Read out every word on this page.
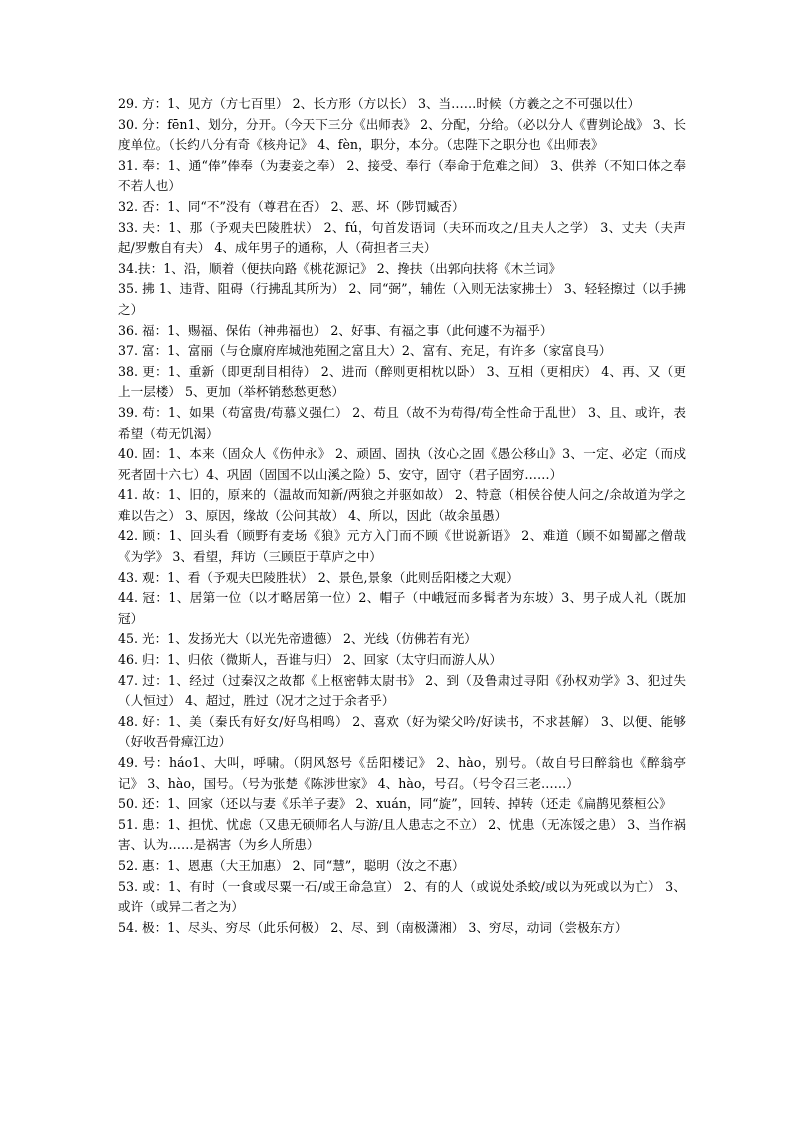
29. 方：1、见方（方七百里） 2、长方形（方以长） 3、当……时候（方羲之之不可强以仕）

30. 分：fēn1、划分，分开。（今天下三分《出师表》 2、分配，分给。（必以分人《曹刿论战》 3、长度单位。（长约八分有奇《核舟记》 4、fèn，职分，本分。（忠陛下之职分也《出师表》

31. 奉：1、通“俸”俸奉（为妻妾之奉） 2、接受、奉行（奉命于危难之间） 3、供养（不知口体之奉不若人也）

32. 否：1、同“不”没有（尊君在否） 2、恶、坏（陟罚臧否）

33. 夫：1、那（予观夫巴陵胜状） 2、fú，句首发语词（夫环而攻之/且夫人之学） 3、丈夫（夫声起/罗敷自有夫） 4、成年男子的通称，人（荷担者三夫）

34.扶：1、沿，顺着（便扶向路《桃花源记》 2、搀扶（出郭向扶将《木兰词》

35. 拂 1、违背、阻碍（行拂乱其所为） 2、同“弼”，辅佐（入则无法家拂士） 3、轻轻擦过（以手拂之）

36. 福：1、赐福、保佑（神弗福也） 2、好事、有福之事（此何遽不为福乎）

37. 富：1、富丽（与仓廪府库城池苑囿之富且大）2、富有、充足，有许多（家富良马）

38. 更：1、重新（即更刮目相待） 2、进而（醉则更相枕以卧） 3、互相（更相庆） 4、再、又（更上一层楼） 5、更加（举杯销愁愁更愁）

39. 苟：1、如果（苟富贵/苟慕义强仁） 2、苟且（故不为苟得/苟全性命于乱世） 3、且、或许，表希望（苟无饥渴）

40. 固：1、本来（固众人《伤仲永》 2、顽固、固执（汝心之固《愚公移山》3、一定、必定（而戍死者固十六七）4、巩固（固国不以山溪之险）5、安守，固守（君子固穷……）

41. 故：1、旧的，原来的（温故而知新/两狼之并驱如故） 2、特意（相侯谷使人问之/余故道为学之难以告之） 3、原因，缘故（公问其故） 4、所以，因此（故余虽愚）

42. 顾：1、回头看（顾野有麦场《狼》元方入门而不顾《世说新语》 2、难道（顾不如蜀鄙之僧哉《为学》 3、看望，拜访（三顾臣于草庐之中）

43. 观：1、看（予观夫巴陵胜状） 2、景色,景象（此则岳阳楼之大观）

44. 冠：1、居第一位（以才略居第一位）2、帽子（中峨冠而多髯者为东坡）3、男子成人礼（既加冠）

45. 光：1、发扬光大（以光先帝遗德） 2、光线（仿佛若有光）

46. 归：1、归依（微斯人，吾谁与归） 2、回家（太守归而游人从）

47. 过：1、经过（过秦汉之故都《上枢密韩太尉书》 2、到（及鲁肃过寻阳《孙权劝学》3、犯过失（人恒过） 4、超过，胜过（况才之过于余者乎）

48. 好：1、美（秦氏有好女/好鸟相鸣） 2、喜欢（好为梁父吟/好读书，不求甚解） 3、以便、能够（好收吾骨瘴江边）

49. 号：háo1、大叫，呼啸。（阴风怒号《岳阳楼记》 2、hào，别号。（故自号曰醉翁也《醉翁亭记》 3、hào，国号。（号为张楚《陈涉世家》 4、hào，号召。（号令召三老……）

50. 还：1、回家（还以与妻《乐羊子妻》 2、xuán，同“旋”，回转、掉转（还走《扁鹊见蔡桓公》

51. 患：1、担忧、忧虑（又患无硕师名人与游/且人患志之不立） 2、忧患（无冻馁之患） 3、当作祸害、认为……是祸害（为乡人所患）

52. 惠：1、恩惠（大王加惠） 2、同“慧”，聪明（汝之不惠）

53. 或：1、有时（一食或尽粟一石/或王命急宣） 2、有的人（或说处杀蛟/或以为死或以为亡） 3、或许（或异二者之为）

54. 极：1、尽头、穷尽（此乐何极） 2、尽、到（南极潇湘） 3、穷尽，动词（尝极东方）
